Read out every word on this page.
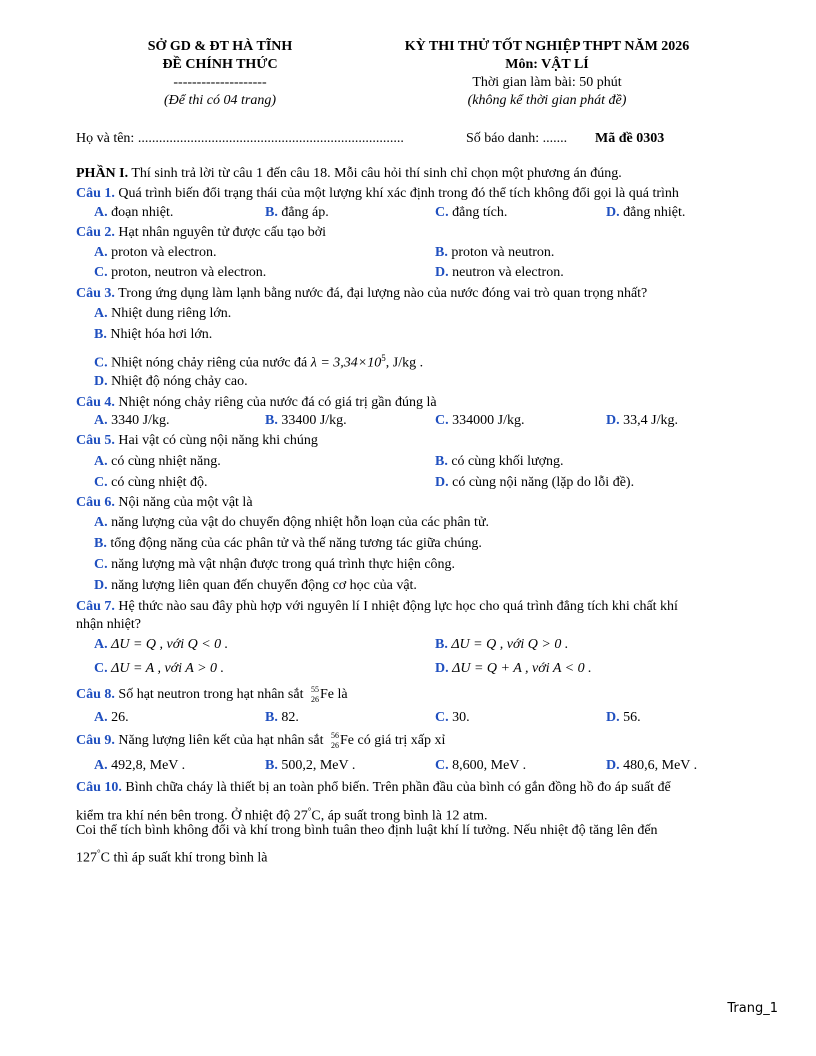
SỞ GD & ĐT HÀ TĨNH
ĐỀ CHÍNH THỨC
--------------------
(Để thi có 04 trang)
KỲ THI THỬ TỐT NGHIỆP THPT NĂM 2026
Môn: VẬT LÍ
Thời gian làm bài: 50 phút
(không kể thời gian phát đề)
Họ và tên: ............................................................................	Số báo danh: ....... Mã đề 0303
PHẦN I. Thí sinh trả lời từ câu 1 đến câu 18. Mỗi câu hỏi thí sinh chỉ chọn một phương án đúng.
Câu 1. Quá trình biến đổi trạng thái của một lượng khí xác định trong đó thể tích không đổi gọi là quá trình
A. đoạn nhiệt.	B. đẳng áp.	C. đẳng tích.	D. đẳng nhiệt.
Câu 2. Hạt nhân nguyên tử được cấu tạo bởi
A. proton và electron.	B. proton và neutron.
C. proton, neutron và electron.	D. neutron và electron.
Câu 3. Trong ứng dụng làm lạnh bằng nước đá, đại lượng nào của nước đóng vai trò quan trọng nhất?
A. Nhiệt dung riêng lớn.
B. Nhiệt hóa hơi lớn.
C. Nhiệt nóng chảy riêng của nước đá $\lambda = 3,34\times 10^5$, J/kg .
D. Nhiệt độ nóng chảy cao.
Câu 4. Nhiệt nóng chảy riêng của nước đá có giá trị gần đúng là
A. 3340 J/kg.	B. 33400 J/kg.	C. 334000 J/kg.	D. 33,4 J/kg.
Câu 5. Hai vật có cùng nội năng khi chúng
A. có cùng nhiệt năng.	B. có cùng khối lượng.
C. có cùng nhiệt độ.	D. có cùng nội năng (lặp do lỗi đề).
Câu 6. Nội năng của một vật là
A. năng lượng của vật do chuyển động nhiệt hỗn loạn của các phân tử.
B. tổng động năng của các phân tử và thế năng tương tác giữa chúng.
C. năng lượng mà vật nhận được trong quá trình thực hiện công.
D. năng lượng liên quan đến chuyển động cơ học của vật.
Câu 7. Hệ thức nào sau đây phù hợp với nguyên lí I nhiệt động lực học cho quá trình đẳng tích khi chất khí
nhận nhiệt?
A. ΔU = Q , với Q < 0 .	B. ΔU = Q , với Q > 0 .
C. ΔU = A , với A > 0 .	D. ΔU = Q + A , với A < 0 .
Câu 8. Số hạt neutron trong hạt nhân sắt 55
26 Fe là
A. 26.	B. 82.	C. 30.	D. 56.
Câu 9. Năng lượng liên kết của hạt nhân sắt 56
26 Fe có giá trị xấp xỉ
A. 492,8, MeV .	B. 500,2, MeV .	C. 8,600, MeV .	D. 480,6, MeV .
Câu 10. Bình chữa cháy là thiết bị an toàn phổ biến. Trên phần đầu của bình có gắn đồng hồ đo áp suất để
kiểm tra khí nén bên trong. Ở nhiệt độ 27°C, áp suất trong bình là 12 atm.
Coi thể tích bình không đổi và khí trong bình tuân theo định luật khí lí tưởng. Nếu nhiệt độ tăng lên đến
127°C thì áp suất khí trong bình là
Trang_1
